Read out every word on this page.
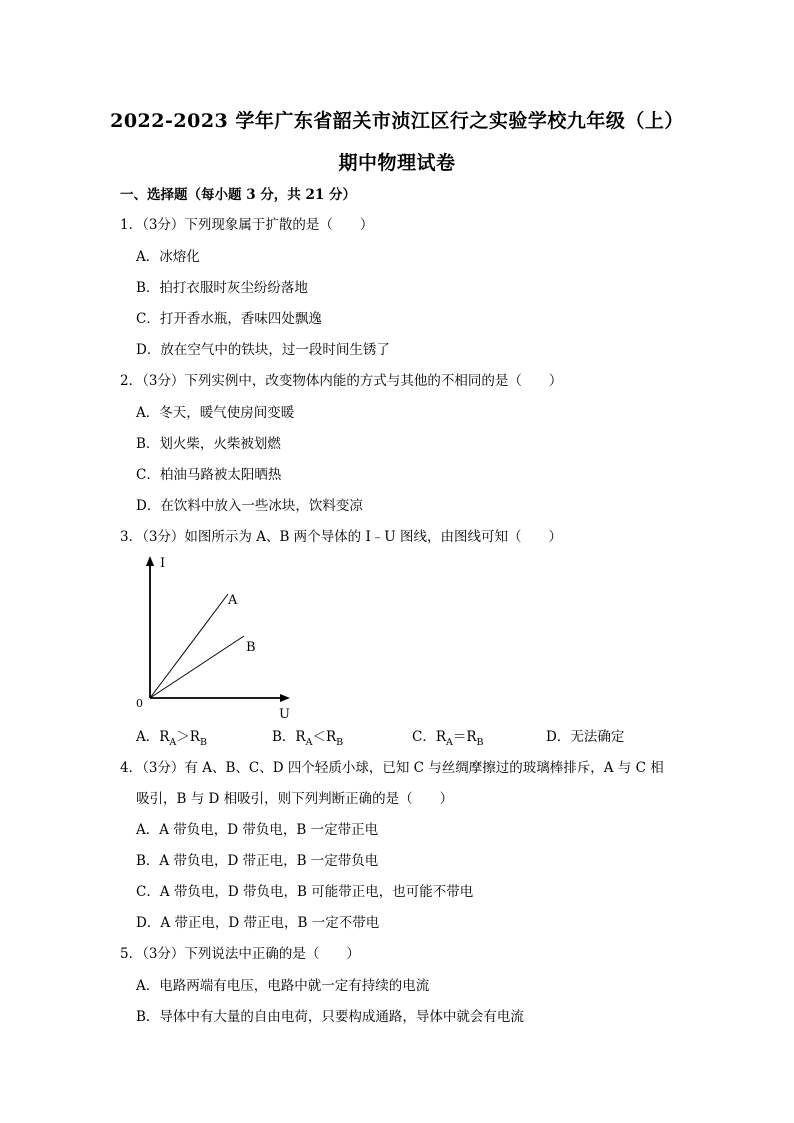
2022-2023 学年广东省韶关市浈江区行之实验学校九年级（上）
期中物理试卷
一、选择题（每小题 3 分，共 21 分）
1．（3分）下列现象属于扩散的是（　　）
A．冰熔化
B．拍打衣服时灰尘纷纷落地
C．打开香水瓶，香味四处飘逸
D．放在空气中的铁块，过一段时间生锈了
2．（3分）下列实例中，改变物体内能的方式与其他的不相同的是（　　）
A．冬天，暖气使房间变暖
B．划火柴，火柴被划燃
C．柏油马路被太阳晒热
D．在饮料中放入一些冰块，饮料变凉
3．（3分）如图所示为 A、B 两个导体的 I﹣U 图线，由图线可知（　　）
I
U
0
A
B
A．$R_A>R_B$	B．$R_A<R_B$	C．$R_A=R_B$	D．无法确定
4．（3分）有 A、B、C、D 四个轻质小球，已知 C 与丝绸摩擦过的玻璃棒排斥，A 与 C 相
吸引，B 与 D 相吸引，则下列判断正确的是（　　）
A．A 带负电，D 带负电，B 一定带正电
B．A 带负电，D 带正电，B 一定带负电
C．A 带负电，D 带负电，B 可能带正电，也可能不带电
D．A 带正电，D 带正电，B 一定不带电
5．（3分）下列说法中正确的是（　　）
A．电路两端有电压，电路中就一定有持续的电流
B．导体中有大量的自由电荷，只要构成通路，导体中就会有电流
